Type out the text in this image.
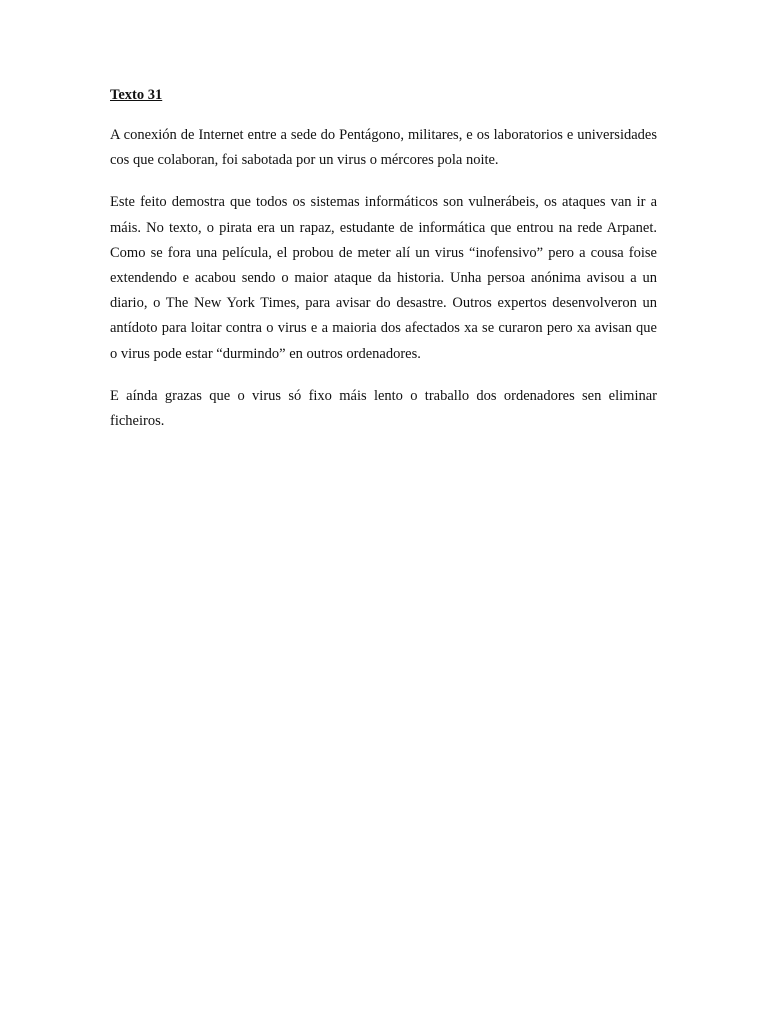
Texto 31

A conexión de Internet entre a sede do Pentágono, militares, e os laboratorios e universidades cos que colaboran, foi sabotada por un virus o mércores pola noite.

Este feito demostra que todos os sistemas informáticos son vulnerábeis, os ataques van ir a máis. No texto, o pirata era un rapaz, estudante de informática que entrou na rede Arpanet. Como se fora una película, el probou de meter alí un virus “inofensivo” pero a cousa foise extendendo e acabou sendo o maior ataque da historia. Unha persoa anónima avisou a un diario, o The New York Times, para avisar do desastre. Outros expertos desenvolveron un antídoto para loitar contra o virus e a maioria dos afectados xa se curaron pero xa avisan que o virus pode estar “durmindo” en outros ordenadores.

E aínda grazas que o virus só fixo máis lento o traballo dos ordenadores sen eliminar ficheiros.
